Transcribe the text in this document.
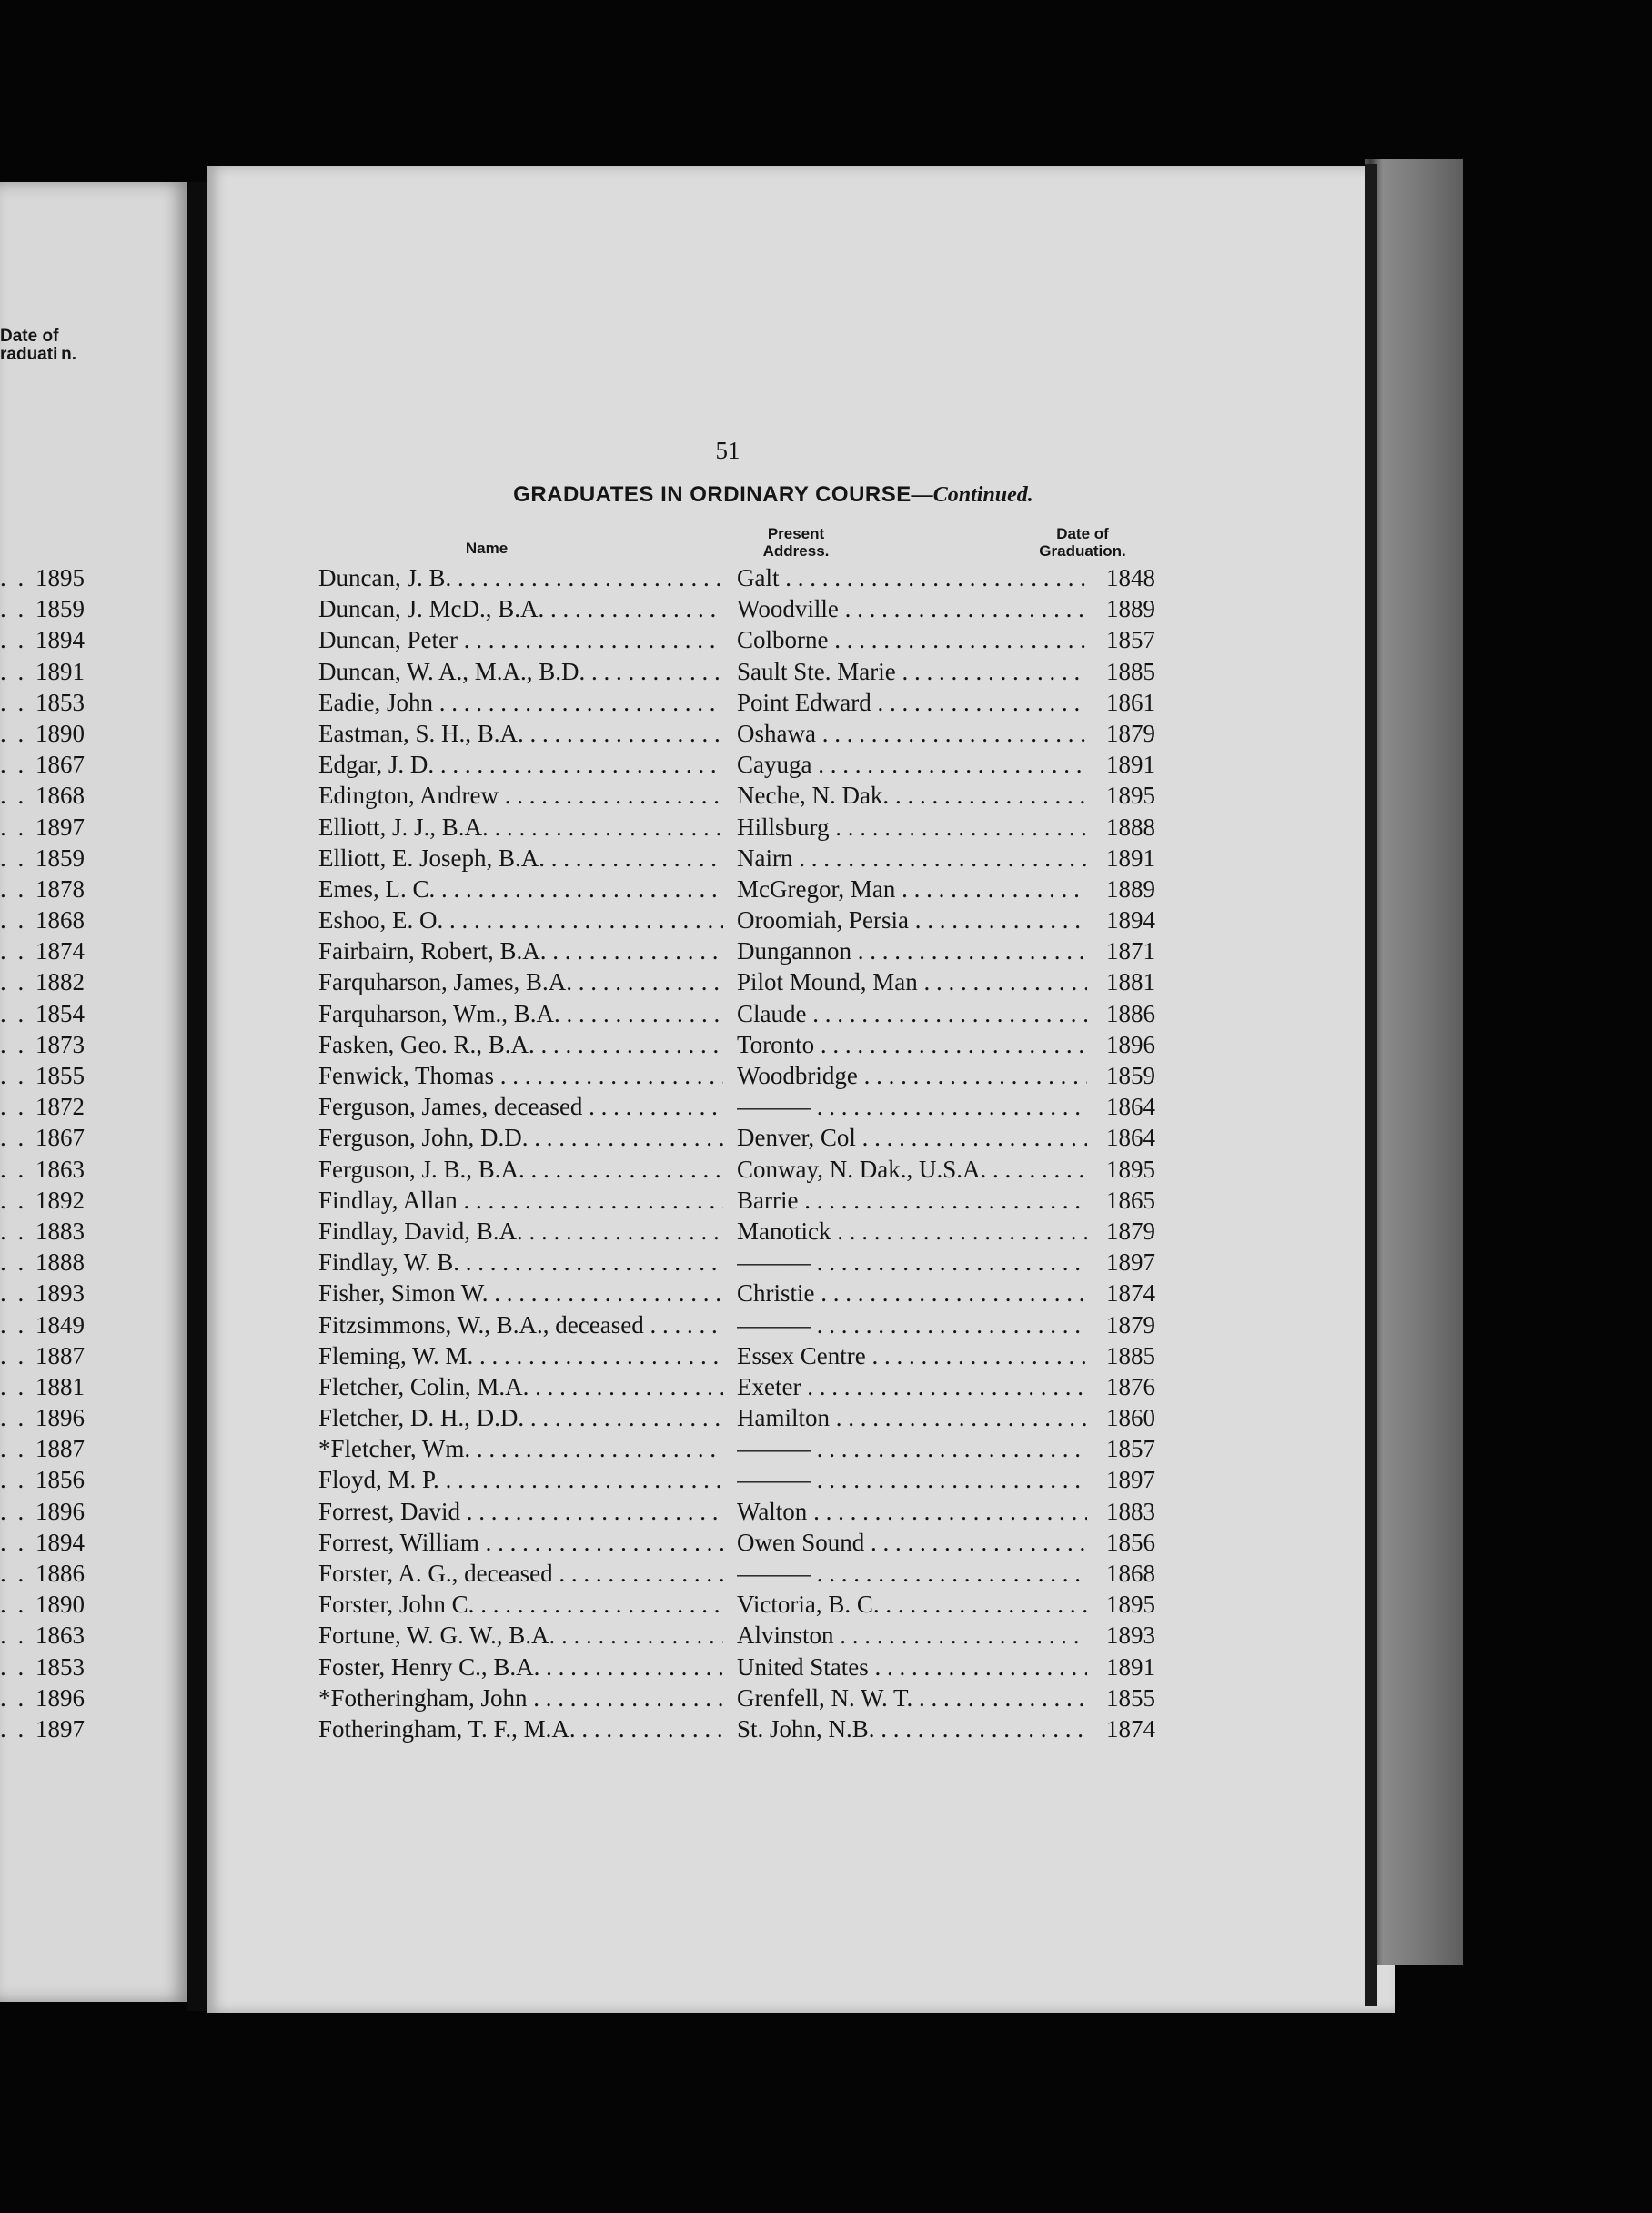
Date of
raduati n.
. . 1895
. . 1859
. . 1894
. . 1891
. . 1853
. . 1890
. . 1867
. . 1868
. . 1897
. . 1859
. . 1878
. . 1868
. . 1874
. . 1882
. . 1854
. . 1873
. . 1855
. . 1872
. . 1867
. . 1863
. . 1892
. . 1883
. . 1888
. . 1893
. . 1849
. . 1887
. . 1881
. . 1896
. . 1887
. . 1856
. . 1896
. . 1894
. . 1886
. . 1890
. . 1863
. . 1853
. . 1896
. . 1897
51
GRADUATES IN ORDINARY COURSE—Continued.
Name
Present
Address.
Date of
Graduation.
Duncan, J. B. . . .	Galt . . .	1848
Duncan, J. McD., B.A. . . .	Woodville . . .	1889
Duncan, Peter . . .	Colborne . . .	1857
Duncan, W. A., M.A., B.D. . . .	Sault Ste. Marie . . .	1885
Eadie, John . . .	Point Edward . . .	1861
Eastman, S. H., B.A. . . .	Oshawa . . .	1879
Edgar, J. D. . . .	Cayuga . . .	1891
Edington, Andrew . . .	Neche, N. Dak. . . .	1895
Elliott, J. J., B.A. . . .	Hillsburg . . .	1888
Elliott, E. Joseph, B.A. . . .	Nairn . . .	1891
Emes, L. C. . . .	McGregor, Man . . .	1889
Eshoo, E. O. . . .	Oroomiah, Persia . . .	1894
Fairbairn, Robert, B.A. . . .	Dungannon . . .	1871
Farquharson, James, B.A. . . .	Pilot Mound, Man . . .	1881
Farquharson, Wm., B.A. . . .	Claude . . .	1886
Fasken, Geo. R., B.A. . . .	Toronto . . .	1896
Fenwick, Thomas . . .	Woodbridge . . .	1859
Ferguson, James, deceased . . .	——— . . .	1864
Ferguson, John, D.D. . . .	Denver, Col . . .	1864
Ferguson, J. B., B.A. . . .	Conway, N. Dak., U.S.A. . . .	1895
Findlay, Allan . . .	Barrie . . .	1865
Findlay, David, B.A. . . .	Manotick . . .	1879
Findlay, W. B. . . .	——— . . .	1897
Fisher, Simon W. . . .	Christie . . .	1874
Fitzsimmons, W., B.A., deceased . . .	——— . . .	1879
Fleming, W. M. . . .	Essex Centre . . .	1885
Fletcher, Colin, M.A. . . .	Exeter . . .	1876
Fletcher, D. H., D.D. . . .	Hamilton . . .	1860
*Fletcher, Wm. . . .	——— . . .	1857
Floyd, M. P. . . .	——— . . .	1897
Forrest, David . . .	Walton . . .	1883
Forrest, William . . .	Owen Sound . . .	1856
Forster, A. G., deceased . . .	——— . . .	1868
Forster, John C. . . .	Victoria, B. C. . . .	1895
Fortune, W. G. W., B.A. . . .	Alvinston . . .	1893
Foster, Henry C., B.A. . . .	United States . . .	1891
*Fotheringham, John . . .	Grenfell, N. W. T. . . .	1855
Fotheringham, T. F., M.A. . . .	St. John, N.B. . . .	1874
